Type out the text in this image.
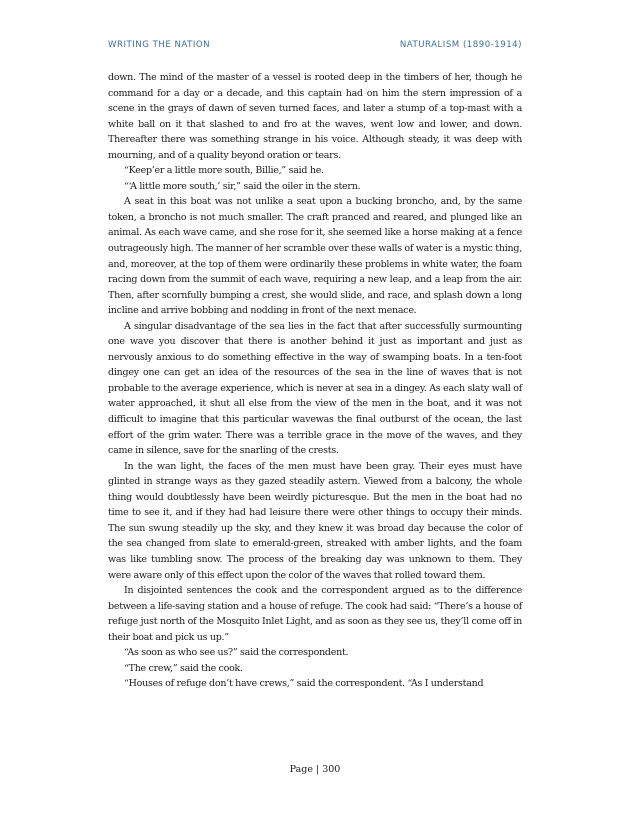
WRITING THE NATION	NATURALISM (1890-1914)

down. The mind of the master of a vessel is rooted deep in the timbers of her, though he command for a day or a decade, and this captain had on him the stern impression of a scene in the grays of dawn of seven turned faces, and later a stump of a top-mast with a white ball on it that slashed to and fro at the waves, went low and lower, and down. Thereafter there was something strange in his voice. Although steady, it was deep with mourning, and of a quality beyond oration or tears.

“Keep’er a little more south, Billie,” said he.

“‘A little more south,’ sir,” said the oiler in the stern.

A seat in this boat was not unlike a seat upon a bucking broncho, and, by the same token, a broncho is not much smaller. The craft pranced and reared, and plunged like an animal. As each wave came, and she rose for it, she seemed like a horse making at a fence outrageously high. The manner of her scramble over these walls of water is a mystic thing, and, moreover, at the top of them were ordinarily these problems in white water, the foam racing down from the summit of each wave, requiring a new leap, and a leap from the air. Then, after scornfully bumping a crest, she would slide, and race, and splash down a long incline and arrive bobbing and nodding in front of the next menace.

A singular disadvantage of the sea lies in the fact that after successfully surmounting one wave you discover that there is another behind it just as important and just as nervously anxious to do something effective in the way of swamping boats. In a ten-foot dingey one can get an idea of the resources of the sea in the line of waves that is not probable to the average experience, which is never at sea in a dingey. As each slaty wall of water approached, it shut all else from the view of the men in the boat, and it was not difficult to imagine that this particular wavewas the final outburst of the ocean, the last effort of the grim water. There was a terrible grace in the move of the waves, and they came in silence, save for the snarling of the crests.

In the wan light, the faces of the men must have been gray. Their eyes must have glinted in strange ways as they gazed steadily astern. Viewed from a balcony, the whole thing would doubtlessly have been weirdly picturesque. But the men in the boat had no time to see it, and if they had had leisure there were other things to occupy their minds. The sun swung steadily up the sky, and they knew it was broad day because the color of the sea changed from slate to emerald-green, streaked with amber lights, and the foam was like tumbling snow. The process of the breaking day was unknown to them. They were aware only of this effect upon the color of the waves that rolled toward them.

In disjointed sentences the cook and the correspondent argued as to the difference between a life-saving station and a house of refuge. The cook had said: “There’s a house of refuge just north of the Mosquito Inlet Light, and as soon as they see us, they’ll come off in their boat and pick us up.”

“As soon as who see us?” said the correspondent.

“The crew,” said the cook.

“Houses of refuge don’t have crews,” said the correspondent. “As I understand

Page | 300
